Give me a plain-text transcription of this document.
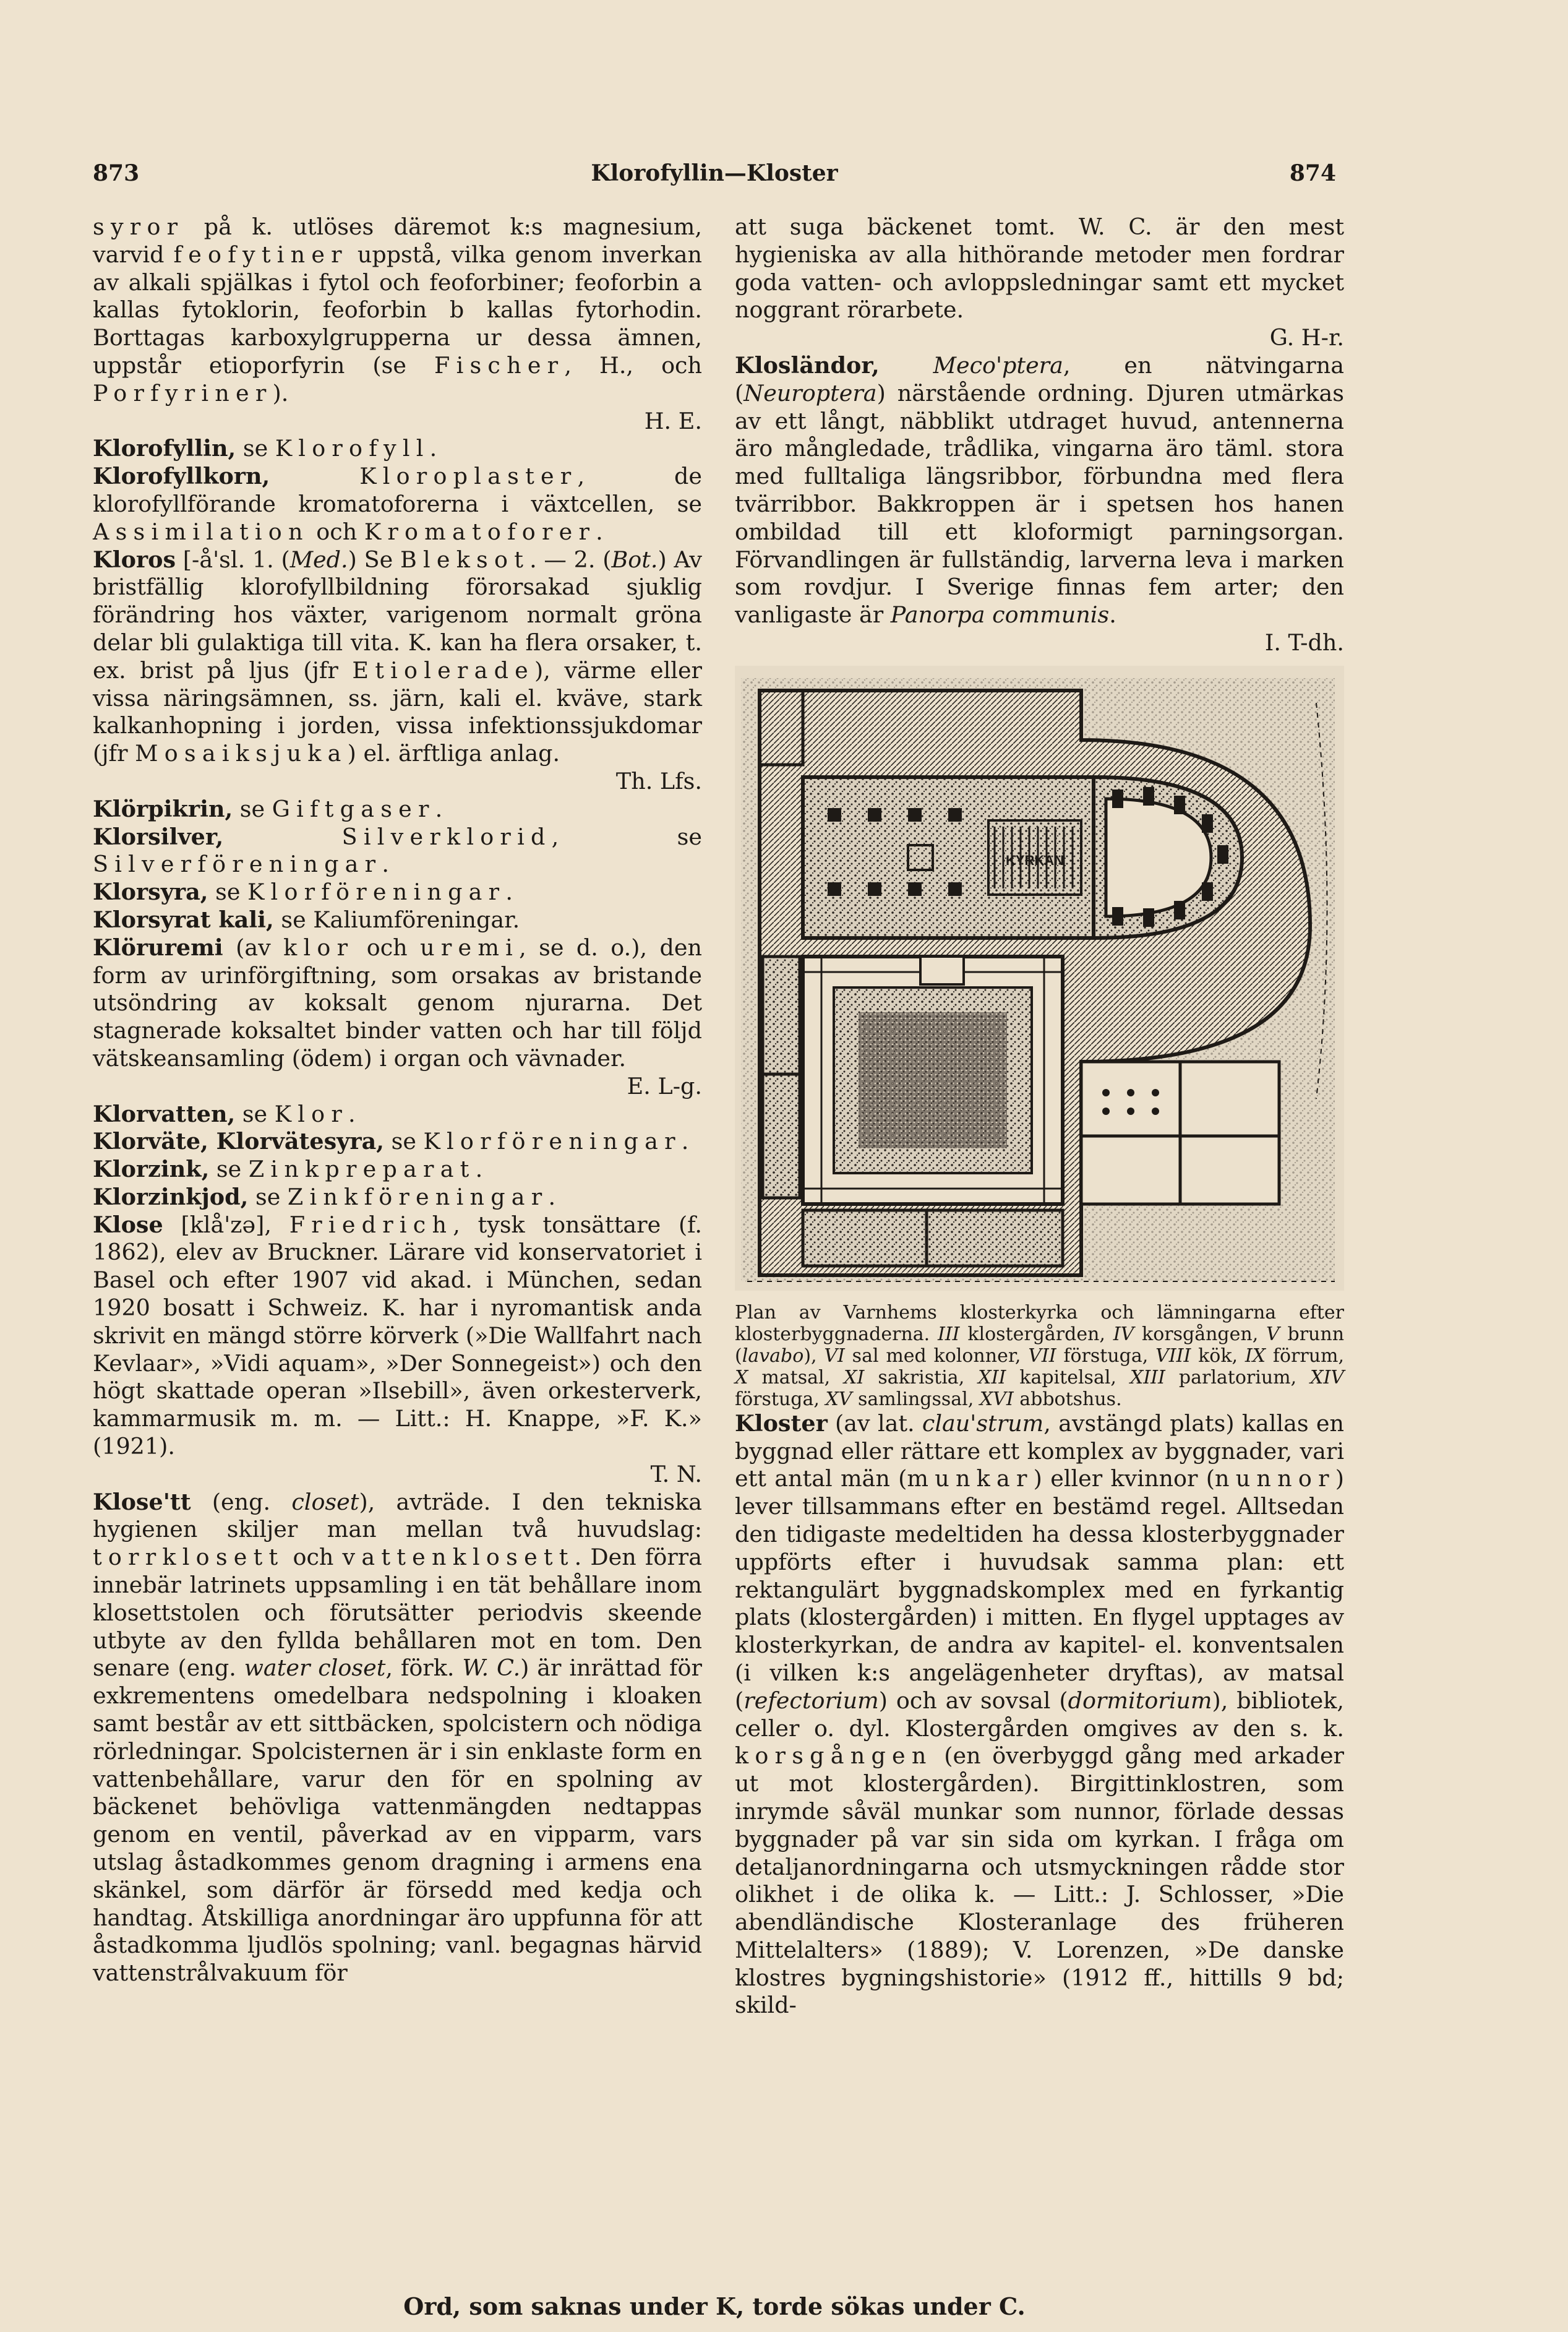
873	Klorofyllin—Kloster	874

syror på k. utlöses däremot k:s magnesium, varvid feofytiner uppstå, vilka genom inverkan av alkali spjälkas i fytol och feoforbiner; feoforbin a kallas fytoklorin, feoforbin b kallas fytorhodin. Borttagas karboxylgrupperna ur dessa ämnen, uppstår etioporfyrin (se Fischer, H., och Porfyriner).

H. E.

Klorofyllin, se Klorofyll.

Klorofyllkorn,	Kloroplaster, de klorofyllförande kromatoforerna i växtcellen, se Assimilation och Kromatoforer.

Kloros [-å'sl. 1. (Med.) Se Bleksot. — 2. (Bot.) Av bristfällig klorofyllbildning förorsakad sjuklig förändring hos växter, varigenom normalt gröna delar bli gulaktiga till vita. K. kan ha flera orsaker, t. ex. brist på ljus (jfr Etiolerade), värme eller vissa näringsämnen, ss. järn, kali el. kväve, stark kalkanhopning i jorden, vissa infektionssjukdomar (jfr Mosaiksjuka) el. ärftliga anlag.

Th. Lfs.

Klörpikrin, se Giftgaser.

Klorsilver,	Silverklorid, se Silverföreningar.

Klorsyra, se Klorföreningar.

Klorsyrat kali, se Kaliumföreningar.

Klöruremi (av klor och uremi, se d. o.), den form av urinförgiftning, som orsakas av bristande utsöndring av koksalt genom njurarna. Det stagnerade koksaltet binder vatten och har till följd vätskeansamling (ödem) i organ och vävnader.

E. L-g.

Klorvatten, se Klor.

Klorväte, Klorvätesyra, se Klorföreningar.

Klorzink, se Zinkpreparat.

Klorzinkjod, se Zinkföreningar.

Klose [klå'zə], Friedrich, tysk tonsättare (f. 1862), elev av Bruckner. Lärare vid konservatoriet i Basel och efter 1907 vid akad. i München, sedan 1920 bosatt i Schweiz. K. har i nyromantisk anda skrivit en mängd större körverk (»Die Wallfahrt nach Kevlaar», »Vidi aquam», »Der Sonnegeist») och den högt skattade operan »Ilsebill», även orkesterverk, kammarmusik m. m. — Litt.: H. Knappe, »F. K.» (1921).

T. N.

Klose'tt (eng. closet), avträde. I den tekniska hygienen skiljer man mellan två huvudslag: torrklosett och vattenklosett. Den förra innebär latrinets uppsamling i en tät behållare inom klosettstolen och förutsätter periodvis skeende utbyte av den fyllda behållaren mot en tom. Den senare (eng. water closet, förk. W. C.) är inrättad för exkrementens omedelbara nedspolning i kloaken samt består av ett sittbäcken, spolcistern och nödiga rörledningar. Spolcisternen är i sin enklaste form en vattenbehållare, varur den för en spolning av bäckenet behövliga vattenmängden nedtappas genom en ventil, påverkad av en vipparm, vars utslag åstadkommes genom dragning i armens ena skänkel, som därför är försedd med kedja och handtag. Åtskilliga anordningar äro uppfunna för att åstadkomma ljudlös spolning; vanl. begagnas härvid vattenstrålvakuum för

att suga bäckenet tomt. W. C. är den mest hygieniska av alla hithörande metoder men fordrar goda vatten- och avloppsledningar samt ett mycket noggrant rörarbete.

G. H-r.

Klosländor, Meco'ptera, en nätvingarna (Neuroptera) närstående ordning. Djuren utmärkas av ett långt, näbblikt utdraget huvud, antennerna äro mångledade, trådlika, vingarna äro täml. stora med fulltaliga längsribbor, förbundna med flera tvärribbor. Bakkroppen är i spetsen hos hanen ombildad till ett kloformigt parningsorgan. Förvandlingen är fullständig, larverna leva i marken som rovdjur. I Sverige finnas fem arter; den vanligaste är Panorpa communis.

I. T-dh.

KYRKAN

Plan av Varnhems klosterkyrka och lämningarna efter klosterbyggnaderna. III klostergården, IV korsgången, V brunn (lavabo), VI sal med kolonner, VII förstuga, VIII kök, IX förrum, X matsal, XI sakristia, XII kapitelsal, XIII parlatorium, XIV förstuga, XV samlingssal, XVI abbotshus.

Kloster (av lat. clau'strum, avstängd plats) kallas en byggnad eller rättare ett komplex av byggnader, vari ett antal män (munkar) eller kvinnor (nunnor) lever tillsammans efter en bestämd regel. Alltsedan den tidigaste medeltiden ha dessa klosterbyggnader uppförts efter i huvudsak samma plan: ett rektangulärt byggnadskomplex med en fyrkantig plats (klostergården) i mitten. En flygel upptages av klosterkyrkan, de andra av kapitel- el. konventsalen (i vilken k:s angelägenheter dryftas), av matsal (refectorium) och av sovsal (dormitorium), bibliotek, celler o. dyl. Klostergården omgives av den s. k. korsgången (en överbyggd gång med arkader ut mot klostergården). Birgittinklostren, som inrymde såväl munkar som nunnor, förlade dessas byggnader på var sin sida om kyrkan. I fråga om detaljanordningarna och utsmyckningen rådde stor olikhet i de olika k. — Litt.: J. Schlosser, »Die abendländische Klosteranlage des früheren Mittelalters» (1889); V. Lorenzen, »De danske klostres bygningshistorie» (1912 ff., hittills 9 bd; skild-

Ord, som saknas under K, torde sökas under C.
